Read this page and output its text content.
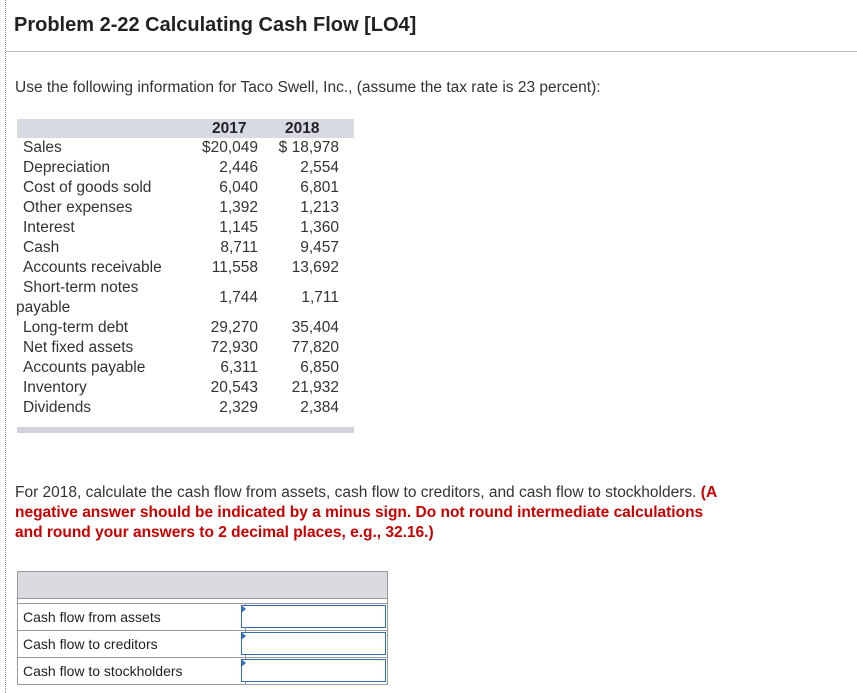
Problem 2-22 Calculating Cash Flow [LO4]
Use the following information for Taco Swell, Inc., (assume the tax rate is 23 percent):
2017 2018
Sales	$20,049 $ 18,978
Depreciation	2,446	2,554
Cost of goods sold	6,040	6,801
Other expenses	1,392	1,213
Interest	1,145	1,360
Cash	8,711	9,457
Accounts receivable	11,558 13,692
Short-term notes
payable
1,744	1,711
Long-term debt	29,270 35,404
Net fixed assets	72,930 77,820
Accounts payable	6,311	6,850
Inventory	20,543 21,932
Dividends	2,329	2,384
For 2018, calculate the cash flow from assets, cash flow to creditors, and cash flow to stockholders. (A negative answer should be indicated by a minus sign. Do not round intermediate calculations and round your answers to 2 decimal places, e.g., 32.16.)
Cash flow from assets
Cash flow to creditors
Cash flow to stockholders
